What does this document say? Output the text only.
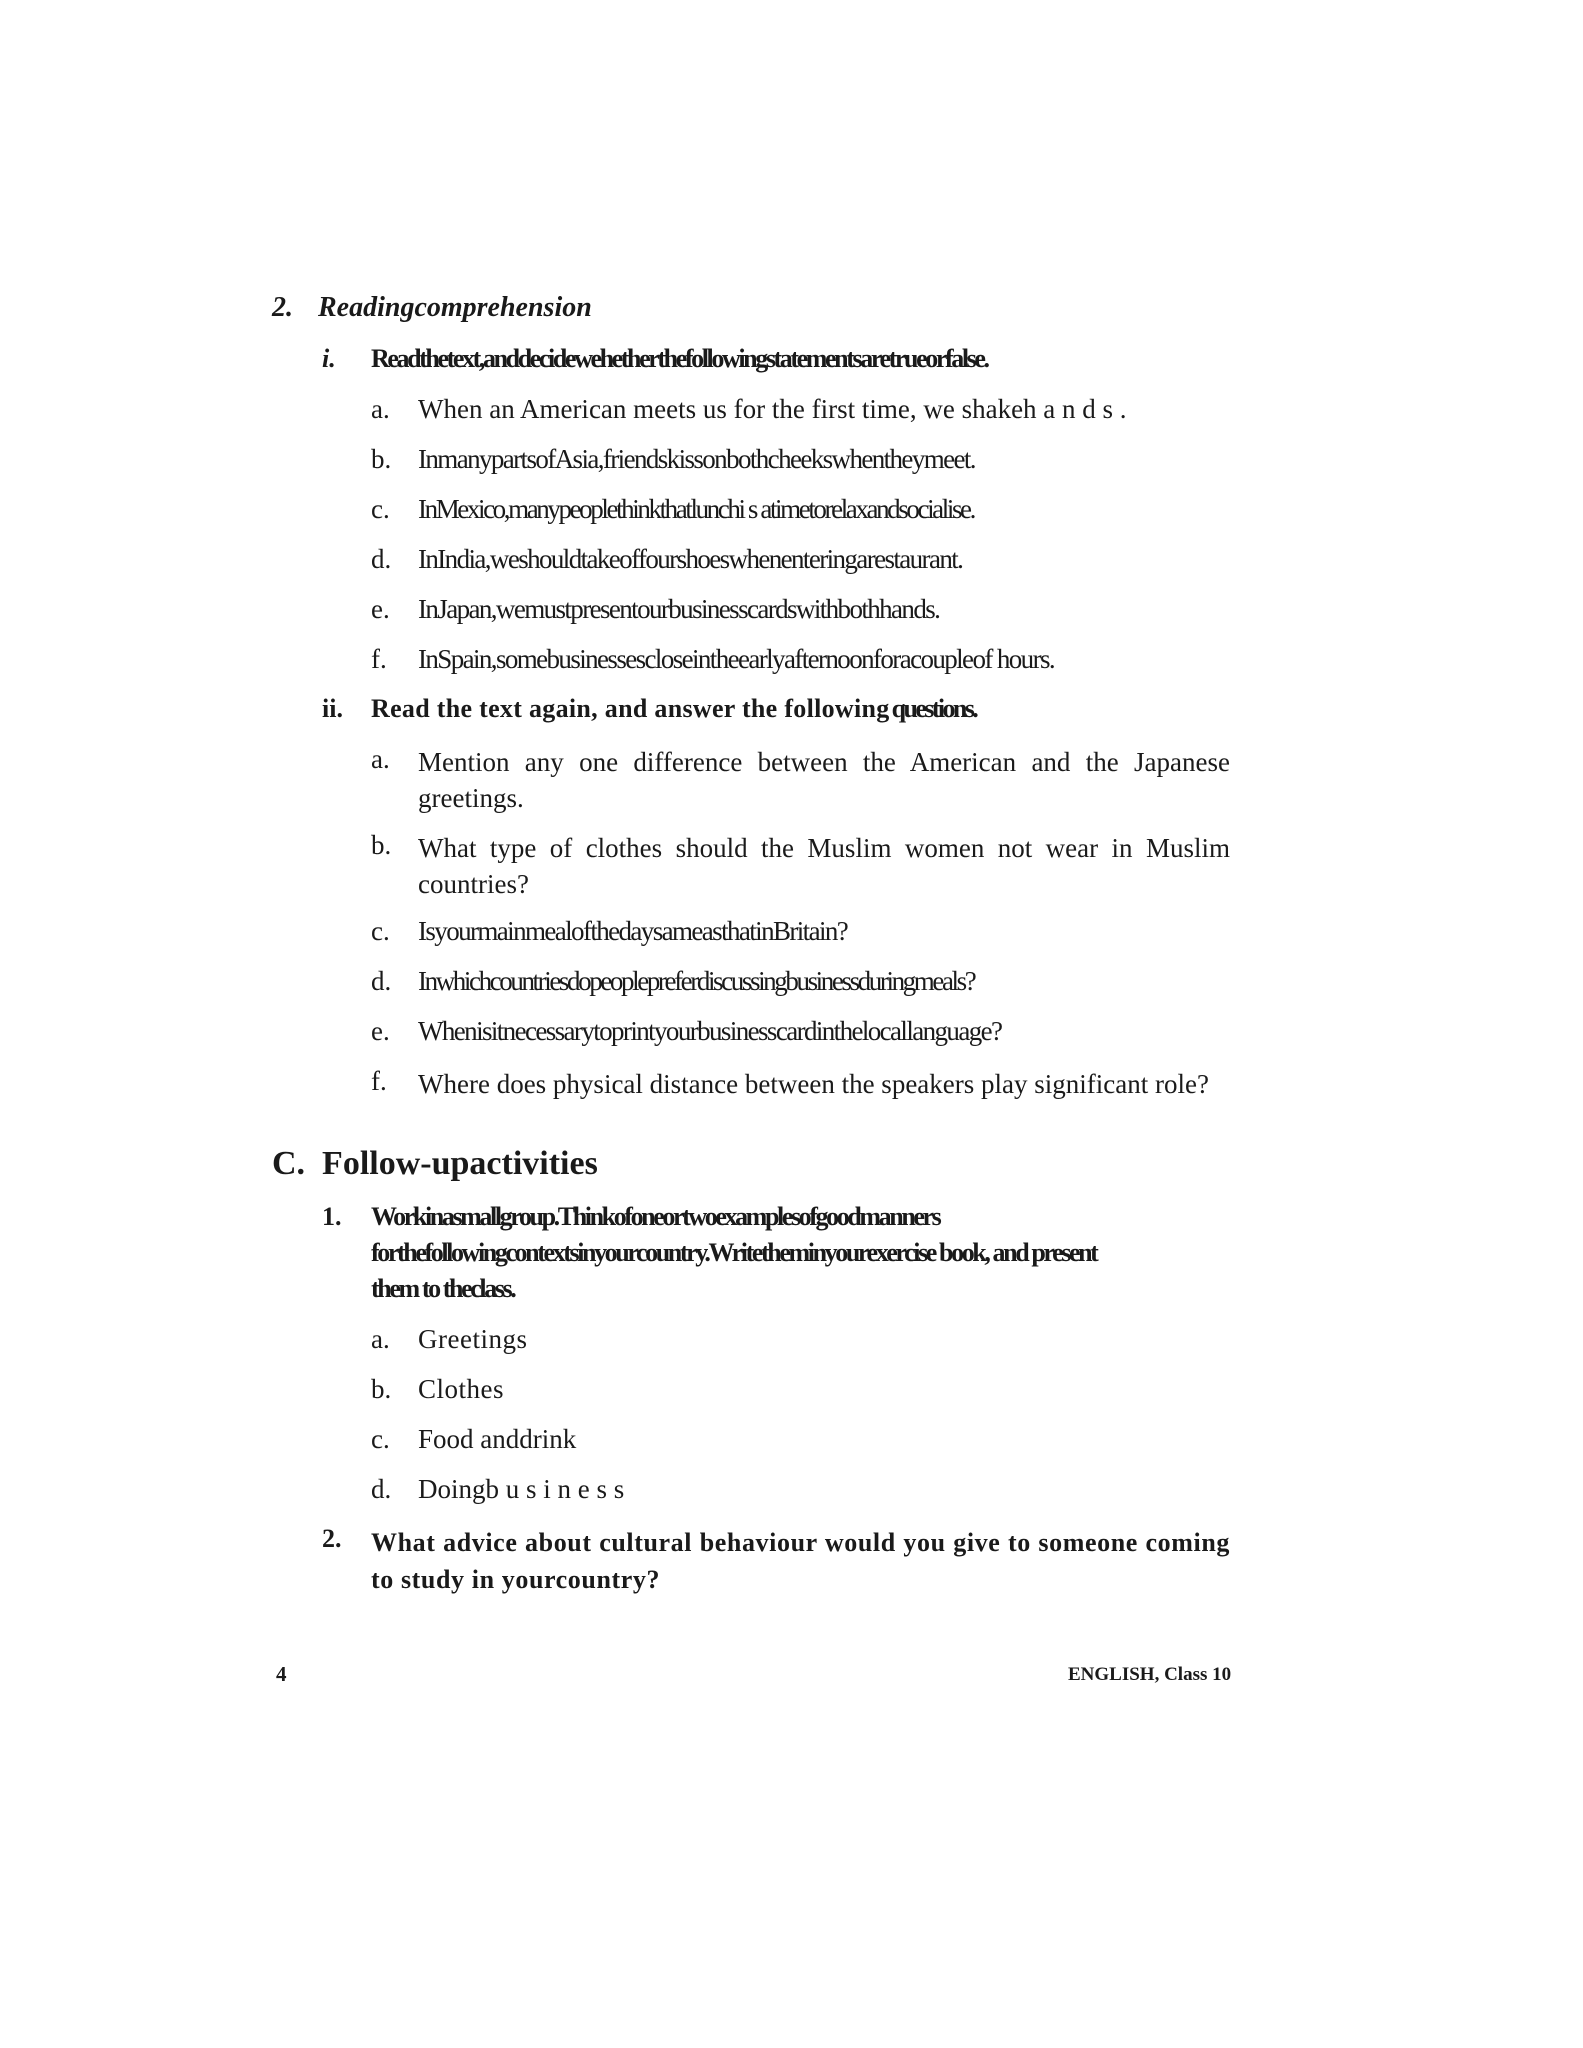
2. Readingcomprehension
i. Readthetext,anddecidewehetherthefollowingstatementsaretrueorfalse.
a. When an American meets us for the first time, we shakeh a n d s .
b. InmanypartsofAsia,friendskissonbothcheekswhentheymeet.
c. InMexico,manypeoplethinkthatlunchi s atimetorelaxandsocialise.
d. InIndia,weshouldtakeoffourshoeswhenenteringarestaurant.
e. InJapan,wemustpresentourbusinesscardswithbothhands.
f. InSpain,somebusinessescloseintheearlyafternoonforacoupleof hours.
ii. Read the text again, and answer the followingquestions.
a. Mention any one difference between the American and the Japanese greetings.
b. What type of clothes should the Muslim women not wear in Muslim countries?
c. IsyourmainmealofthedaysameasthatinBritain?
d. Inwhichcountriesdopeoplepreferdiscussingbusinessduringmeals?
e. Whenisitnecessarytoprintyourbusinesscardinthelocallanguage?
f. Where does physical distance between the speakers play significant role?
C.  Follow-upactivities
1. Workinasmallgroup.Thinkofoneortwoexamplesofgoodmanners
forthefollowingcontextsinyourcountry.Writetheminyourexercise book, and present
them to theclass.
a. Greetings
b. Clothes
c. Food anddrink
d. Doingb u s i n e s s
2. What advice about cultural behaviour would you give to someone coming to study in yourcountry?
4	ENGLISH, Class 10
